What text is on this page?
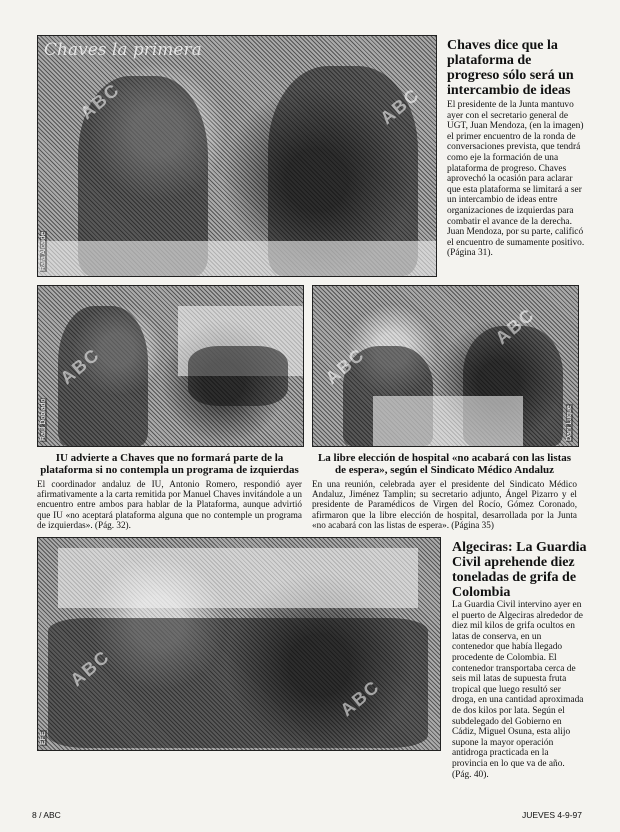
Chaves la primera
ABC	ABC
Rafa Alcaide
Chaves dice que la plataforma de progreso sólo será un intercambio de ideas

El presidente de la Junta mantuvo ayer con el secretario general de UGT, Juan Mendoza, (en la imagen) el primer encuentro de la ronda de conversaciones prevista, que tendrá como eje la formación de una plataforma de progreso. Chaves aprovechó la ocasión para aclarar que esta plataforma se limitará a ser un intercambio de ideas entre organizaciones de izquierdas para combatir el avance de la derecha. Juan Mendoza, por su parte, calificó el encuentro de sumamente positivo. (Página 31).

ABC
Raúl Doblado
ABC
ABC
Dani Luque
IU advierte a Chaves que no formará parte de la plataforma si no contempla un programa de izquierdas

El coordinador andaluz de IU, Antonio Romero, respondió ayer afirmativamente a la carta remitida por Manuel Chaves invitándole a un encuentro entre ambos para hablar de la Plataforma, aunque advirtió que IU «no aceptará plataforma alguna que no contemple un programa de izquierdas». (Pág. 32).

La libre elección de hospital «no acabará con las listas de espera», según el Sindicato Médico Andaluz

En una reunión, celebrada ayer el presidente del Sindicato Médico Andaluz, Jiménez Tamplin; su secretario adjunto, Ángel Pizarro y el presidente de Paramédicos de Virgen del Rocío, Gómez Coronado, afirmaron que la libre elección de hospital, desarrollada por la Junta «no acabará con las listas de espera». (Página 35)

ABC
ABC
EFE
Algeciras: La Guardia Civil aprehende diez toneladas de grifa de Colombia

La Guardia Civil intervino ayer en el puerto de Algeciras alrededor de diez mil kilos de grifa ocultos en latas de conserva, en un contenedor que había llegado procedente de Colombia. El contenedor transportaba cerca de seis mil latas de supuesta fruta tropical que luego resultó ser droga, en una cantidad aproximada de dos kilos por lata. Según el subdelegado del Gobierno en Cádiz, Miguel Osuna, esta alijo supone la mayor operación antidroga practicada en la provincia en lo que va de año. (Pág. 40).

8 / ABC	JUEVES 4-9-97
